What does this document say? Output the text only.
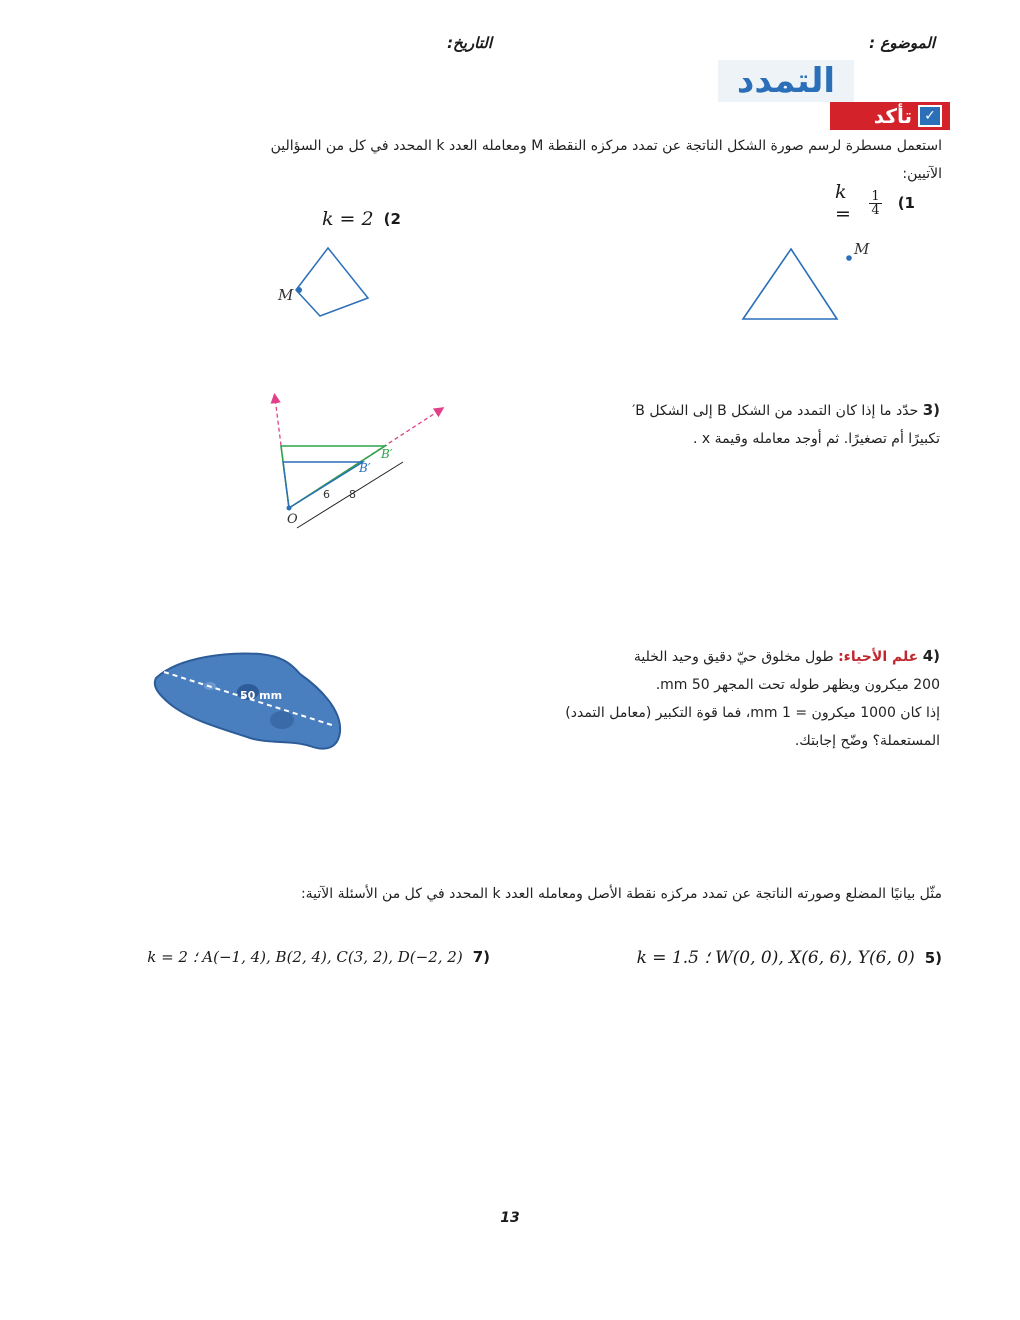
الموضوع :
التاريخ:
التمدد
✓
تأكد
استعمل مسطرة لرسم صورة الشكل الناتجة عن تمدد مركزه النقطة M ومعامله العدد k المحدد في كل من السؤالين الآتيين:
k =	$\frac{1}{4} (1$
k = 2 (2
M
M
(3 حدّد ما إذا كان التمدد من الشكل B إلى الشكل B′
تكبيرًا أم تصغيرًا. ثم أوجد معامله وقيمة x .
B′
B′
O
6 8
(4 علم الأحياء: طول مخلوق حيّ دقيق وحيد الخلية
200 ميكرون ويظهر طوله تحت المجهر 50 mm.
إذا كان 1000 ميكرون = 1 mm، فما قوة التكبير (معامل التمدد)
المستعملة؟ وضّح إجابتك.
50 mm
مثّل بيانيًا المضلع وصورته الناتجة عن تمدد مركزه نقطة الأصل ومعامله العدد k المحدد في كل من الأسئلة الآتية:
(5
W(0, 0), X(6, 6), Y(6, 0) ؛ k = 1.5
(7
A(−1, 4), B(2, 4), C(3, 2), D(−2, 2) ؛ k = 2
13
